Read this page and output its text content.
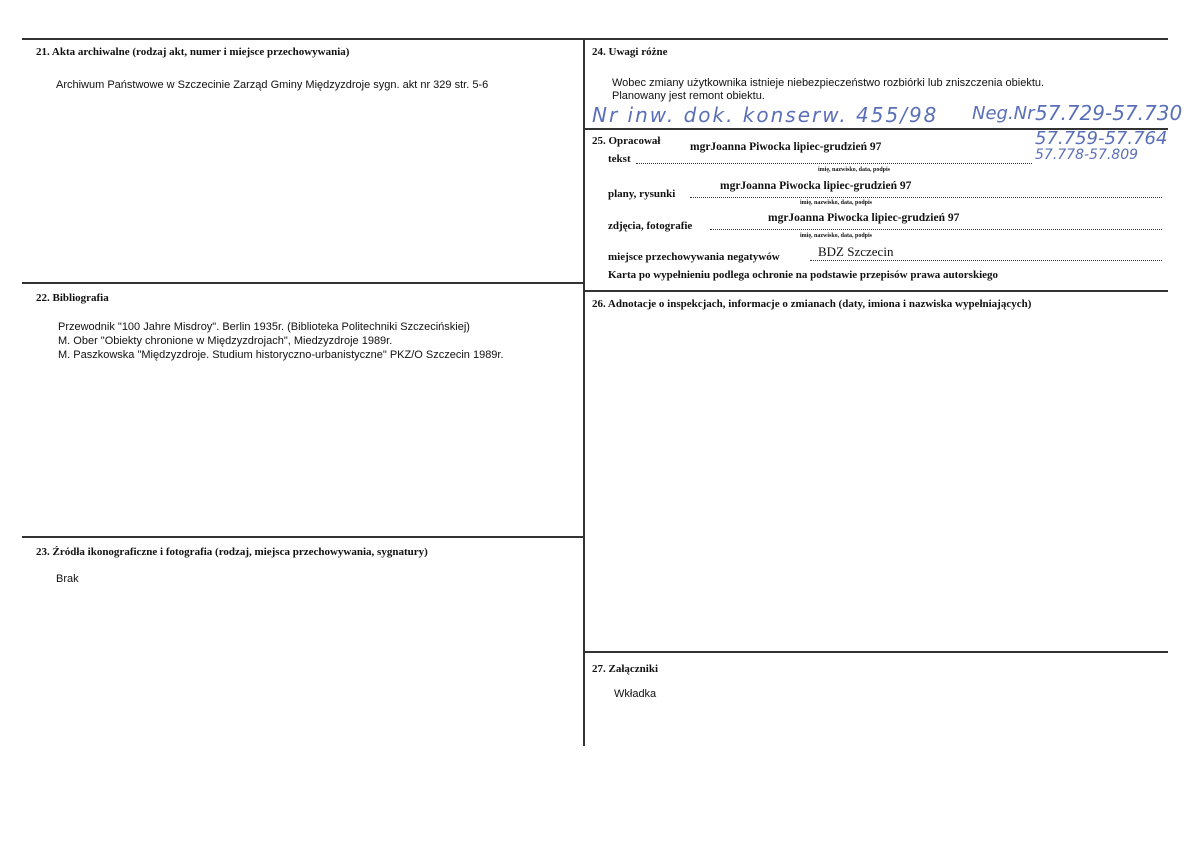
21. Akta archiwalne (rodzaj akt, numer i miejsce przechowywania)
Archiwum Państwowe w Szczecinie Zarząd Gminy Międzyzdroje sygn. akt nr 329 str. 5-6
22. Bibliografia
Przewodnik "100 Jahre Misdroy". Berlin 1935r. (Biblioteka Politechniki Szczecińskiej)
M. Ober "Obiekty chronione w Międzyzdrojach", Miedzyzdroje 1989r.
M. Paszkowska "Międzyzdroje. Studium historyczno-urbanistyczne" PKZ/O Szczecin 1989r.
23. Źródła ikonograficzne i fotografia (rodzaj, miejsca przechowywania, sygnatury)
Brak
24. Uwagi różne
Wobec zmiany użytkownika istnieje niebezpieczeństwo rozbiórki lub zniszczenia obiektu.
Planowany jest remont obiektu.
Nr inw. dok. konserw. 455/98 Neg.Nr 57.729-57.730
57.759-57.764
57.778-57.809
25. Opracował
tekst
mgrJoanna Piwocka lipiec-grudzień 97
imię, nazwisko, data, podpis
plany, rysunki
mgrJoanna Piwocka lipiec-grudzień 97
imię, nazwisko, data, podpis
zdjęcia, fotografie
mgrJoanna Piwocka lipiec-grudzień 97
imię, nazwisko, data, podpis
miejsce przechowywania negatywów	BDZ Szczecin
Karta po wypełnieniu podlega ochronie na podstawie przepisów prawa autorskiego
26. Adnotacje o inspekcjach, informacje o zmianach (daty, imiona i nazwiska wypełniających)
27. Załączniki
Wkładka
